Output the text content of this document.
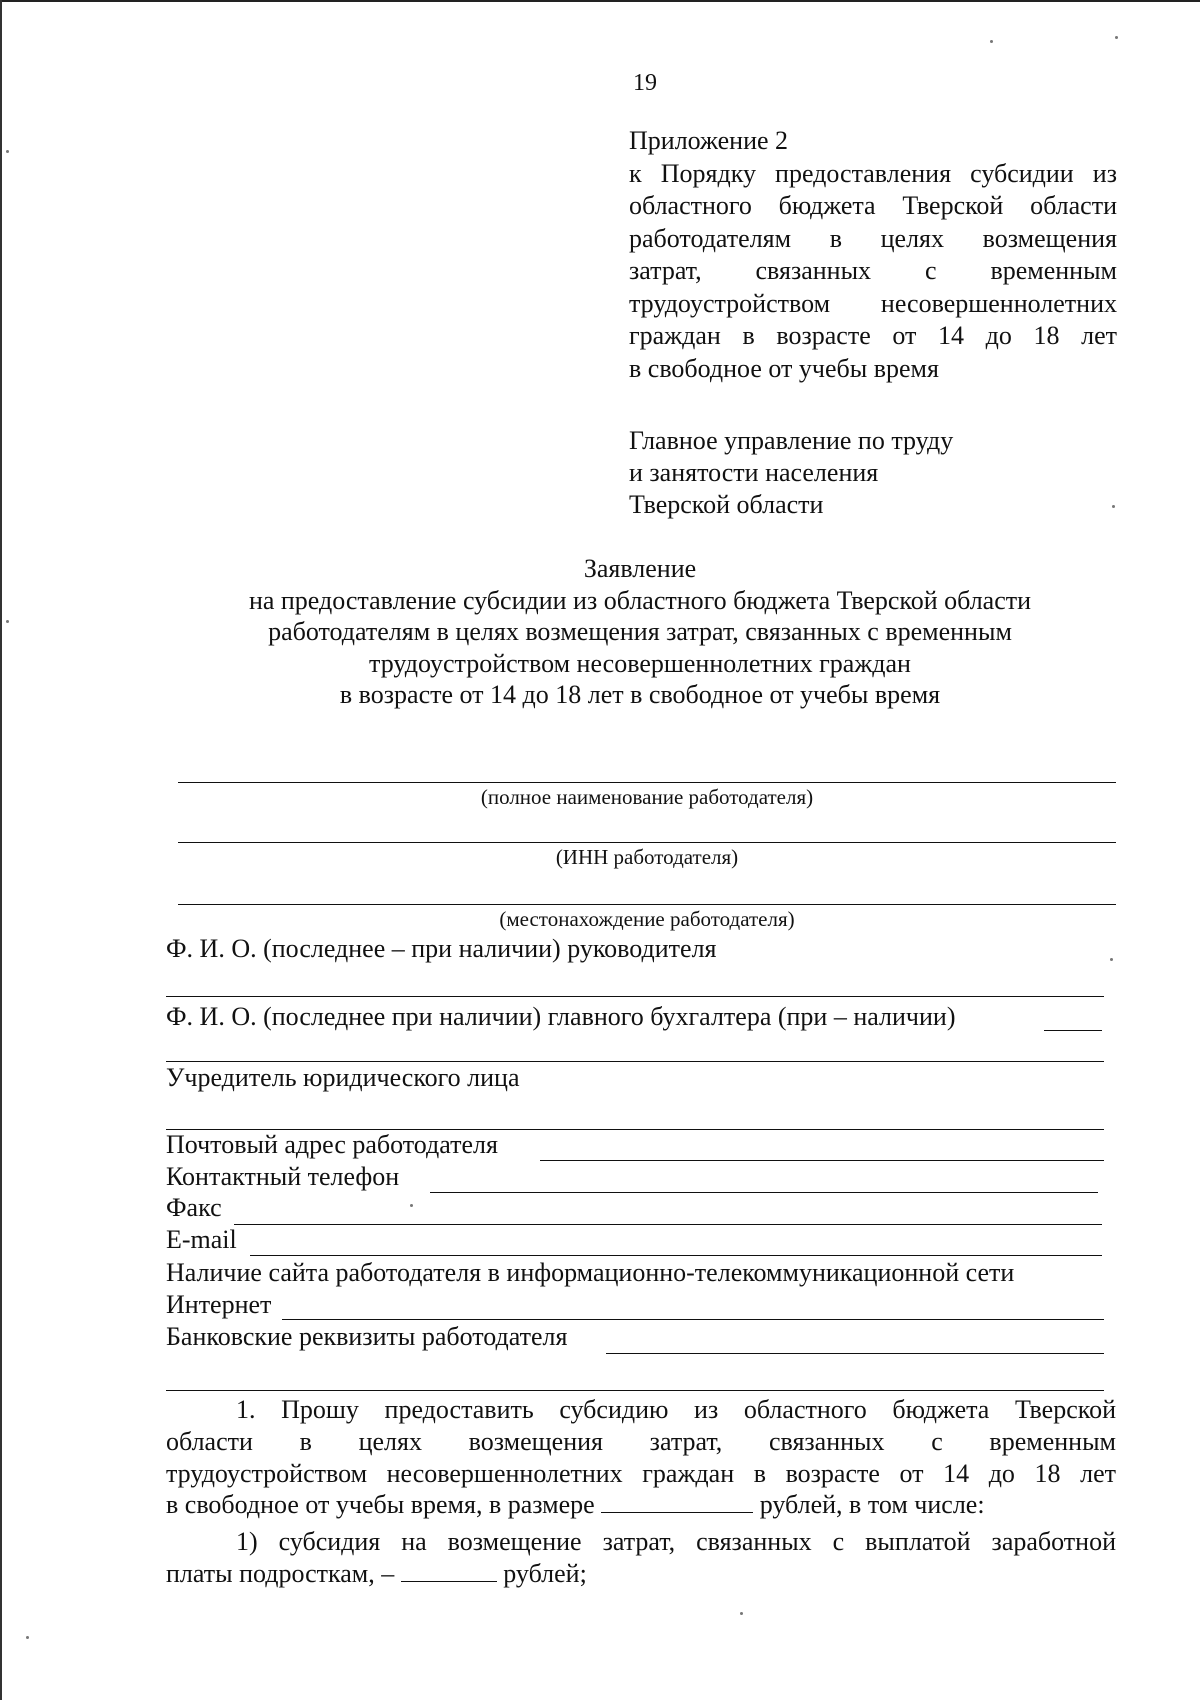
19
Приложение 2
к Порядку предоставления субсидии из
областного бюджета Тверской области
работодателям в целях возмещения
затрат, связанных с временным
трудоустройством несовершеннолетних
граждан в возрасте от 14 до 18 лет
в свободное от учебы время
Главное управление по труду
и занятости населения
Тверской области
Заявление
на предоставление субсидии из областного бюджета Тверской области
работодателям в целях возмещения затрат, связанных с временным
трудоустройством несовершеннолетних граждан
в возрасте от 14 до 18 лет в свободное от учебы время
(полное наименование работодателя)
(ИНН работодателя)
(местонахождение работодателя)
Ф. И. О. (последнее – при наличии) руководителя
Ф. И. О. (последнее при наличии) главного бухгалтера (при – наличии)
Учредитель юридического лица
Почтовый адрес работодателя
Контактный телефон
Факс
E-mail
Наличие сайта работодателя в информационно-телекоммуникационной сети
Интернет
Банковские реквизиты работодателя
1. Прошу предоставить субсидию из областного бюджета Тверской
области в целях возмещения затрат, связанных с временным
трудоустройством несовершеннолетних граждан в возрасте от 14 до 18 лет
в свободное от учебы время, в размере	рублей, в том числе:
1) субсидия на возмещение затрат, связанных с выплатой заработной
платы подросткам, –	рублей;
